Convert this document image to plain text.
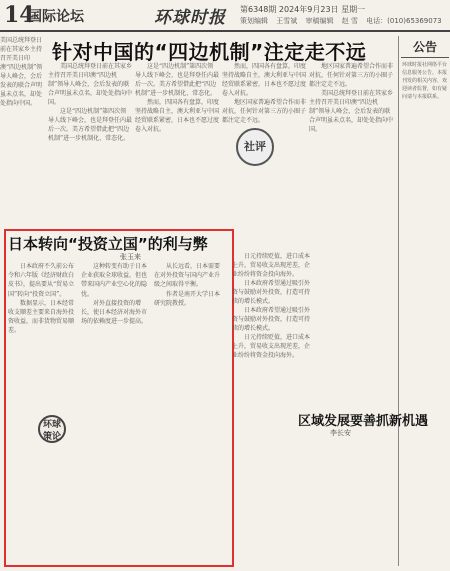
14
国际论坛	环球时报 第6348期 2024年9月23日 星期一
策划编辑 王雪斌 审稿编辑 赵 雪 电话：(010)65369073
美国总统拜登日前在其家乡主持召开美日印澳“四边机制”领导人峰会，会后发表的联合声明虽未点名，却处处指向中国。
针对中国的“四边机制”注定走不远

美国总统拜登日前在其家乡主持召开美日印澳“四边机制”领导人峰会，会后发表的联合声明虽未点名，却处处指向中国。

这是“四边机制”第四次领导人线下峰会，也是拜登任内最后一次。美方希望借此把“四边机制”进一步机制化、常态化。

这是“四边机制”第四次领导人线下峰会，也是拜登任内最后一次。美方希望借此把“四边机制”进一步机制化、常态化。

然而，四国各有盘算，印度坚持战略自主，澳大利亚与中国经贸联系紧密，日本也不愿过度卷入对抗。

然而，四国各有盘算，印度坚持战略自主，澳大利亚与中国经贸联系紧密，日本也不愿过度卷入对抗。

地区国家普遍希望合作而非对抗，任何针对第三方的小圈子都注定走不远。

地区国家普遍希望合作而非对抗，任何针对第三方的小圈子都注定走不远。

美国总统拜登日前在其家乡主持召开美日印澳“四边机制”领导人峰会，会后发表的联合声明虽未点名，却处处指向中国。

社评
公告
环球时报社网络平台信息服务公告。本报刊发的相关内容，欢迎读者监督，如有疑问请与本报联系。
日本转向“投资立国”的利与弊
张玉来

日本政府不久前公布令和六年版《经济财政白皮书》，提出要从“贸易立国”转向“投资立国”。

数据显示，日本经常收支顺差主要来自海外投资收益，而非货物贸易顺差。

这种转变有助于日本企业获取全球收益，但也带来国内产业空心化的隐忧。

对外直接投资的增长，使日本经济对海外市场的依赖度进一步提高。

从长远看，日本需要在对外投资与国内产业升级之间取得平衡。

作者是南开大学日本研究院教授。

环球策论

日元持续贬值，进口成本上升，贸易收支出现逆差，企业纷纷将资金投向海外。

日本政府希望通过吸引外资与鼓励对外投资，打造可持续的增长模式。

日本政府希望通过吸引外资与鼓励对外投资，打造可持续的增长模式。

日元持续贬值，进口成本上升，贸易收支出现逆差，企业纷纷将资金投向海外。

区域发展要善抓新机遇
李长安
